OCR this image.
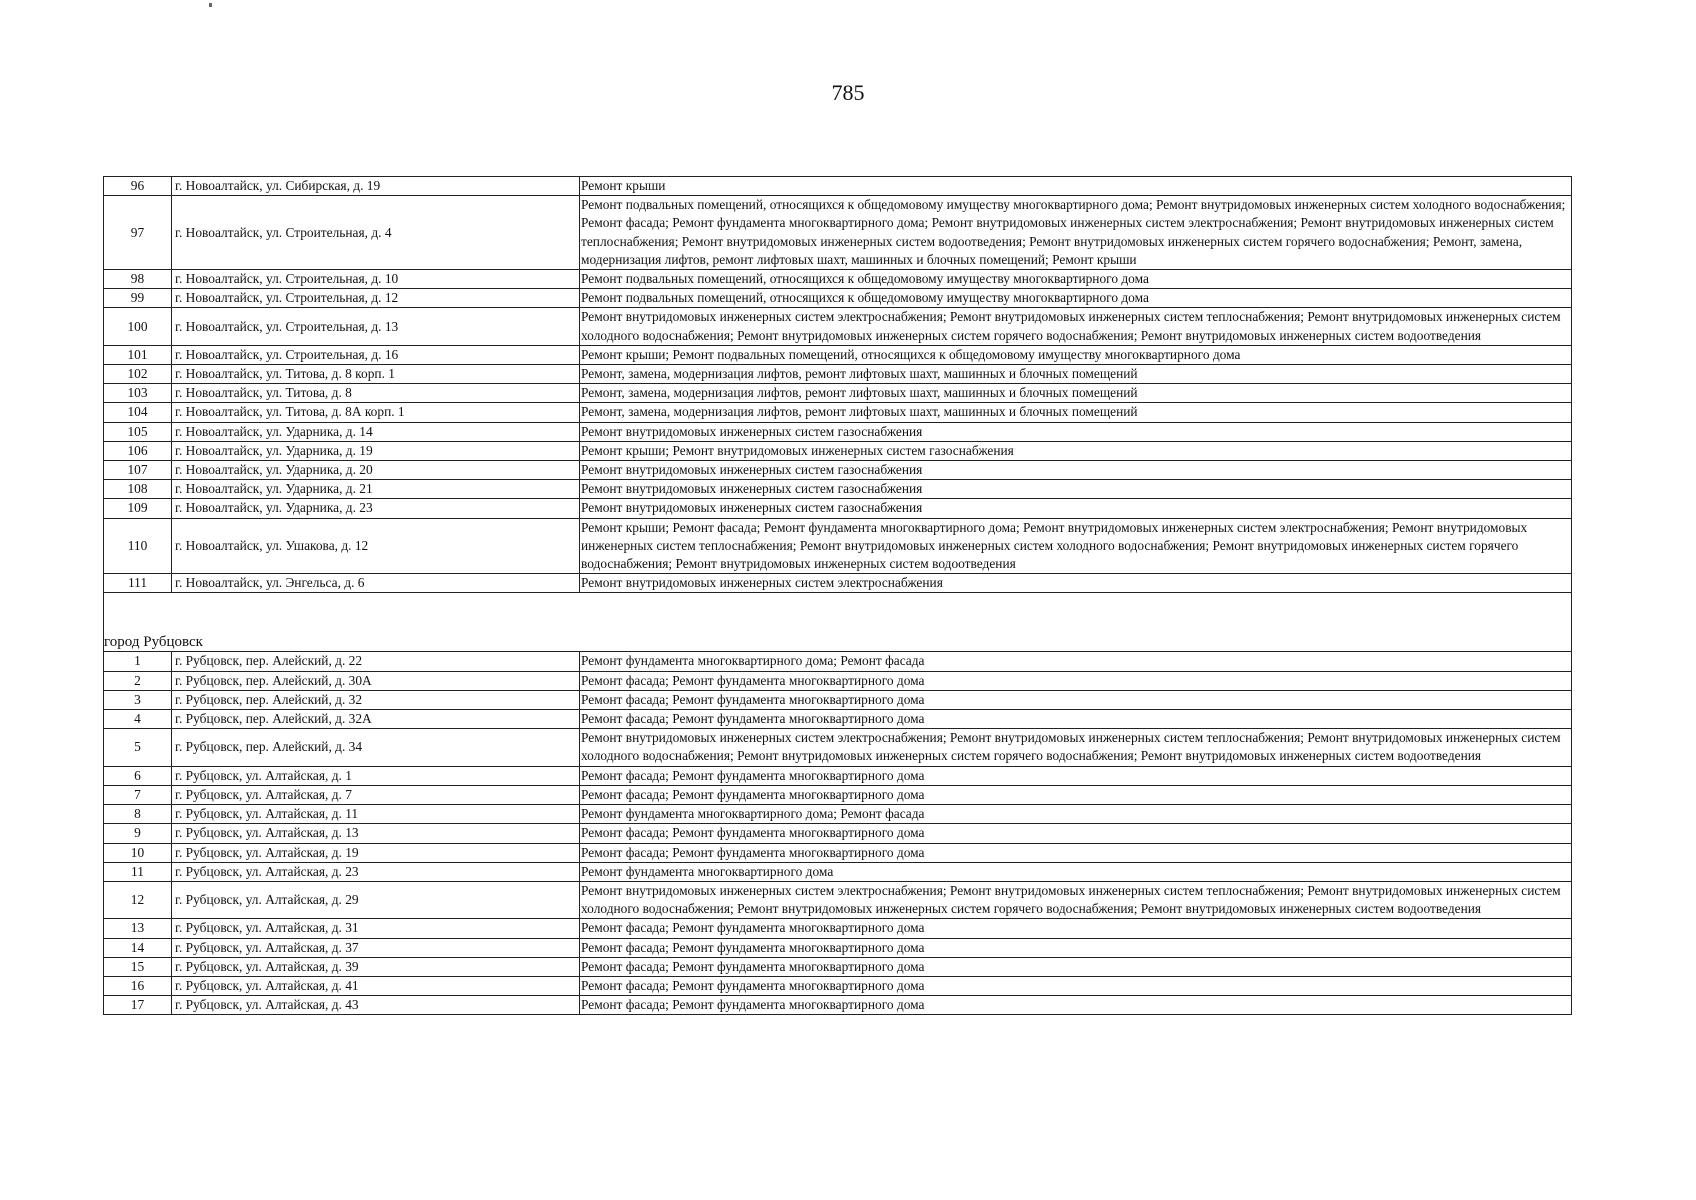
785
96	г. Новоалтайск, ул. Сибирская, д. 19	Ремонт крыши
97	г. Новоалтайск, ул. Строительная, д. 4	Ремонт подвальных помещений, относящихся к общедомовому имуществу многоквартирного дома; Ремонт внутридомовых инженерных систем холодного водоснабжения; Ремонт фасада; Ремонт фундамента многоквартирного дома; Ремонт внутридомовых инженерных систем электроснабжения; Ремонт внутридомовых инженерных систем теплоснабжения; Ремонт внутридомовых инженерных систем водоотведения; Ремонт внутридомовых инженерных систем горячего водоснабжения; Ремонт, замена, модернизация лифтов, ремонт лифтовых шахт, машинных и блочных помещений; Ремонт крыши
98	г. Новоалтайск, ул. Строительная, д. 10	Ремонт подвальных помещений, относящихся к общедомовому имуществу многоквартирного дома
99	г. Новоалтайск, ул. Строительная, д. 12	Ремонт подвальных помещений, относящихся к общедомовому имуществу многоквартирного дома
100	г. Новоалтайск, ул. Строительная, д. 13	Ремонт внутридомовых инженерных систем электроснабжения; Ремонт внутридомовых инженерных систем теплоснабжения; Ремонт внутридомовых инженерных систем холодного водоснабжения; Ремонт внутридомовых инженерных систем горячего водоснабжения; Ремонт внутридомовых инженерных систем водоотведения
101	г. Новоалтайск, ул. Строительная, д. 16	Ремонт крыши; Ремонт подвальных помещений, относящихся к общедомовому имуществу многоквартирного дома
102	г. Новоалтайск, ул. Титова, д. 8 корп. 1	Ремонт, замена, модернизация лифтов, ремонт лифтовых шахт, машинных и блочных помещений
103	г. Новоалтайск, ул. Титова, д. 8	Ремонт, замена, модернизация лифтов, ремонт лифтовых шахт, машинных и блочных помещений
104	г. Новоалтайск, ул. Титова, д. 8А корп. 1	Ремонт, замена, модернизация лифтов, ремонт лифтовых шахт, машинных и блочных помещений
105	г. Новоалтайск, ул. Ударника, д. 14	Ремонт внутридомовых инженерных систем газоснабжения
106	г. Новоалтайск, ул. Ударника, д. 19	Ремонт крыши; Ремонт внутридомовых инженерных систем газоснабжения
107	г. Новоалтайск, ул. Ударника, д. 20	Ремонт внутридомовых инженерных систем газоснабжения
108	г. Новоалтайск, ул. Ударника, д. 21	Ремонт внутридомовых инженерных систем газоснабжения
109	г. Новоалтайск, ул. Ударника, д. 23	Ремонт внутридомовых инженерных систем газоснабжения
110	г. Новоалтайск, ул. Ушакова, д. 12	Ремонт крыши; Ремонт фасада; Ремонт фундамента многоквартирного дома; Ремонт внутридомовых инженерных систем электроснабжения; Ремонт внутридомовых инженерных систем теплоснабжения; Ремонт внутридомовых инженерных систем холодного водоснабжения; Ремонт внутридомовых инженерных систем горячего водоснабжения; Ремонт внутридомовых инженерных систем водоотведения
111	г. Новоалтайск, ул. Энгельса, д. 6	Ремонт внутридомовых инженерных систем электроснабжения

город Рубцовск		
1	г. Рубцовск, пер. Алейский, д. 22	Ремонт фундамента многоквартирного дома; Ремонт фасада
2	г. Рубцовск, пер. Алейский, д. 30А	Ремонт фасада; Ремонт фундамента многоквартирного дома
3	г. Рубцовск, пер. Алейский, д. 32	Ремонт фасада; Ремонт фундамента многоквартирного дома
4	г. Рубцовск, пер. Алейский, д. 32А	Ремонт фасада; Ремонт фундамента многоквартирного дома
5	г. Рубцовск, пер. Алейский, д. 34	Ремонт внутридомовых инженерных систем электроснабжения; Ремонт внутридомовых инженерных систем теплоснабжения; Ремонт внутридомовых инженерных систем холодного водоснабжения; Ремонт внутридомовых инженерных систем горячего водоснабжения; Ремонт внутридомовых инженерных систем водоотведения
6	г. Рубцовск, ул. Алтайская, д. 1	Ремонт фасада; Ремонт фундамента многоквартирного дома
7	г. Рубцовск, ул. Алтайская, д. 7	Ремонт фасада; Ремонт фундамента многоквартирного дома
8	г. Рубцовск, ул. Алтайская, д. 11	Ремонт фундамента многоквартирного дома; Ремонт фасада
9	г. Рубцовск, ул. Алтайская, д. 13	Ремонт фасада; Ремонт фундамента многоквартирного дома
10	г. Рубцовск, ул. Алтайская, д. 19	Ремонт фасада; Ремонт фундамента многоквартирного дома
11	г. Рубцовск, ул. Алтайская, д. 23	Ремонт фундамента многоквартирного дома
12	г. Рубцовск, ул. Алтайская, д. 29	Ремонт внутридомовых инженерных систем электроснабжения; Ремонт внутридомовых инженерных систем теплоснабжения; Ремонт внутридомовых инженерных систем холодного водоснабжения; Ремонт внутридомовых инженерных систем горячего водоснабжения; Ремонт внутридомовых инженерных систем водоотведения
13	г. Рубцовск, ул. Алтайская, д. 31	Ремонт фасада; Ремонт фундамента многоквартирного дома
14	г. Рубцовск, ул. Алтайская, д. 37	Ремонт фасада; Ремонт фундамента многоквартирного дома
15	г. Рубцовск, ул. Алтайская, д. 39	Ремонт фасада; Ремонт фундамента многоквартирного дома
16	г. Рубцовск, ул. Алтайская, д. 41	Ремонт фасада; Ремонт фундамента многоквартирного дома
17	г. Рубцовск, ул. Алтайская, д. 43	Ремонт фасада; Ремонт фундамента многоквартирного дома
